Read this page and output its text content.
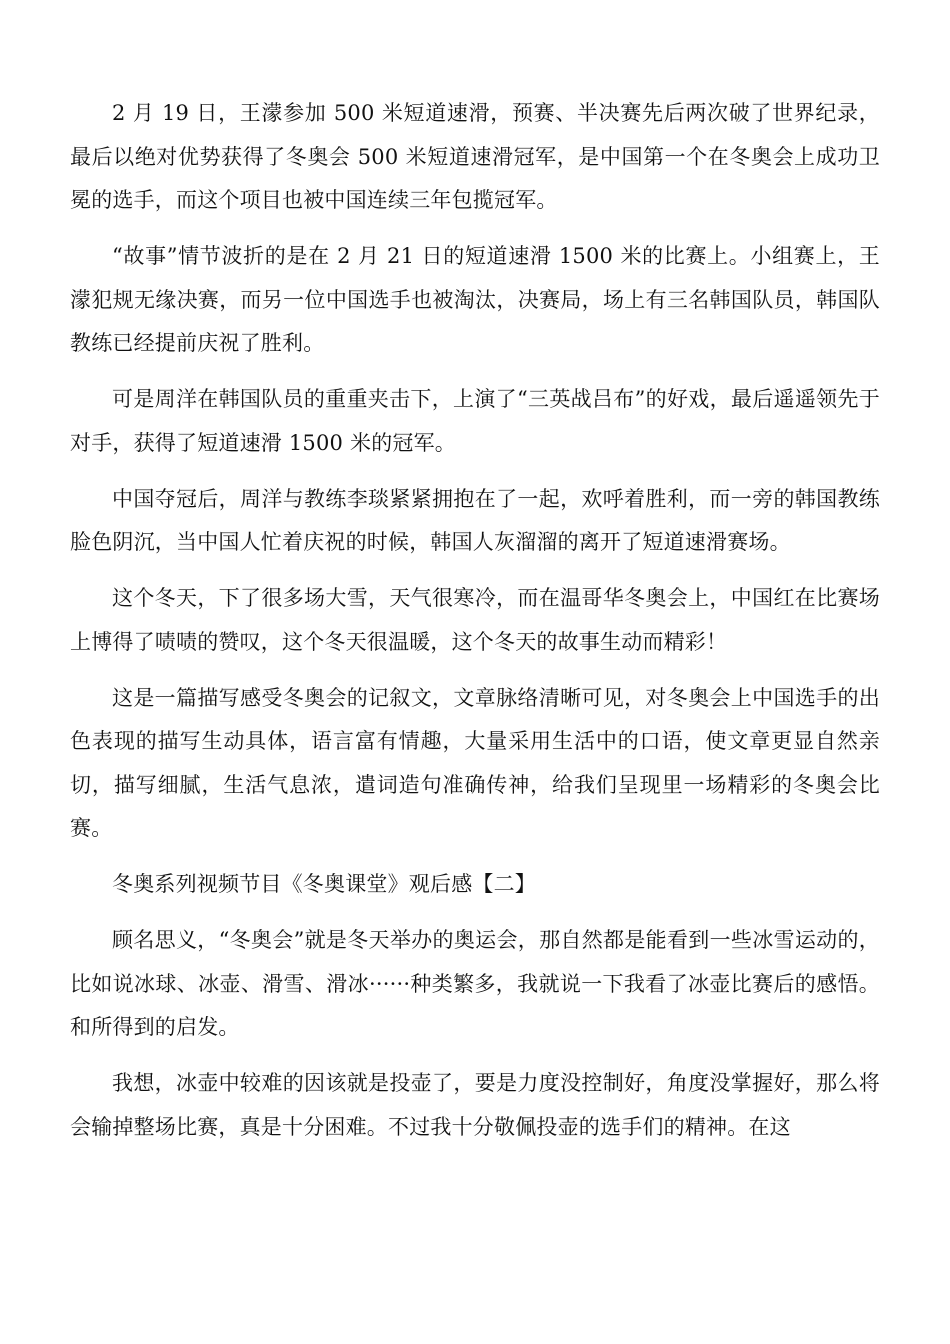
2 月 19 日，王濛参加 500 米短道速滑，预赛、半决赛先后两次破了世界纪录，最后以绝对优势获得了冬奥会 500 米短道速滑冠军，是中国第一个在冬奥会上成功卫冕的选手，而这个项目也被中国连续三年包揽冠军。

“故事”情节波折的是在 2 月 21 日的短道速滑 1500 米的比赛上。小组赛上，王濛犯规无缘决赛，而另一位中国选手也被淘汰，决赛局，场上有三名韩国队员，韩国队教练已经提前庆祝了胜利。

可是周洋在韩国队员的重重夹击下，上演了“三英战吕布”的好戏，最后遥遥领先于对手，获得了短道速滑 1500 米的冠军。

中国夺冠后，周洋与教练李琰紧紧拥抱在了一起，欢呼着胜利，而一旁的韩国教练脸色阴沉，当中国人忙着庆祝的时候，韩国人灰溜溜的离开了短道速滑赛场。

这个冬天，下了很多场大雪，天气很寒冷，而在温哥华冬奥会上，中国红在比赛场上博得了啧啧的赞叹，这个冬天很温暖，这个冬天的故事生动而精彩！

这是一篇描写感受冬奥会的记叙文，文章脉络清晰可见，对冬奥会上中国选手的出色表现的描写生动具体，语言富有情趣，大量采用生活中的口语，使文章更显自然亲切，描写细腻，生活气息浓，遣词造句准确传神，给我们呈现里一场精彩的冬奥会比赛。

冬奥系列视频节目《冬奥课堂》观后感【二】

顾名思义，“冬奥会”就是冬天举办的奥运会，那自然都是能看到一些冰雪运动的，比如说冰球、冰壶、滑雪、滑冰······种类繁多，我就说一下我看了冰壶比赛后的感悟。和所得到的启发。

我想，冰壶中较难的因该就是投壶了，要是力度没控制好，角度没掌握好，那么将会输掉整场比赛，真是十分困难。不过我十分敬佩投壶的选手们的精神。在这
